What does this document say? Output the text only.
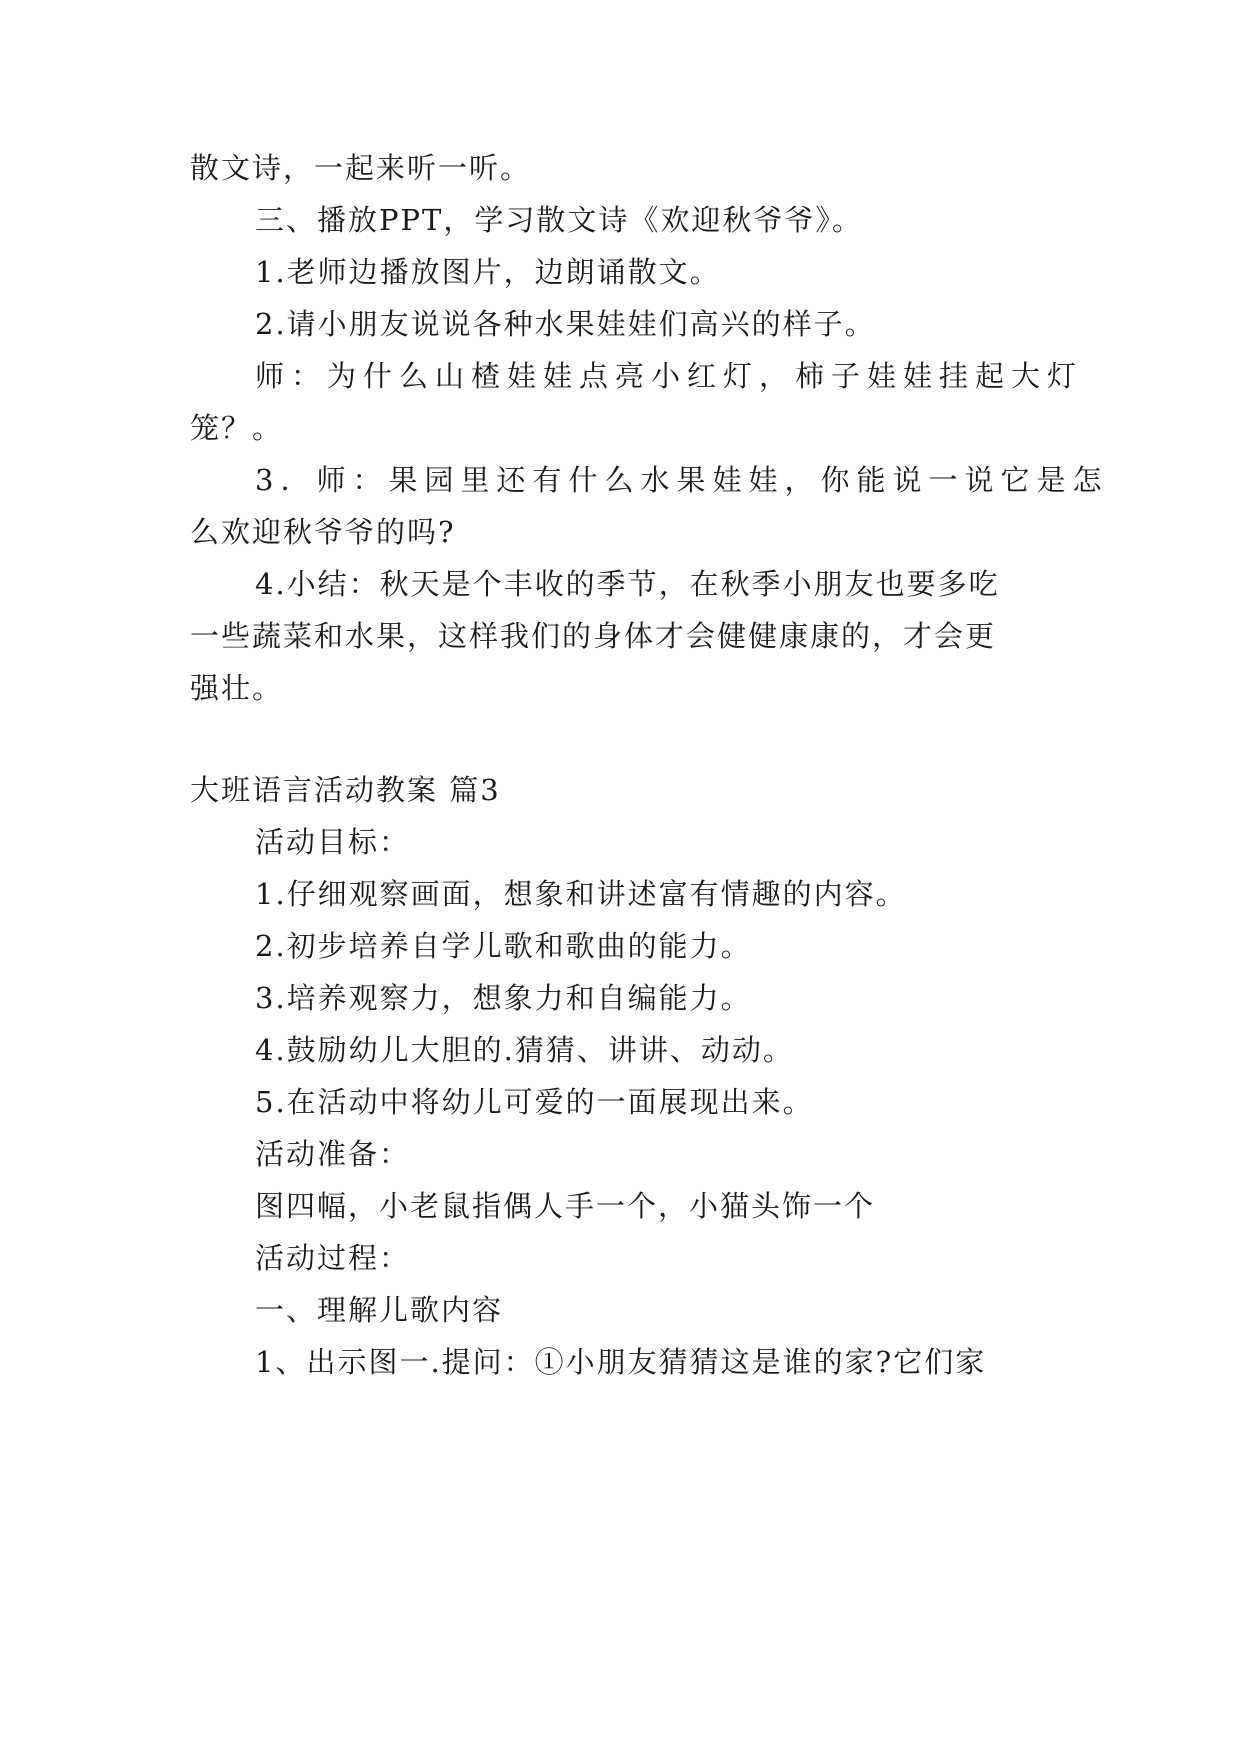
散文诗，一起来听一听。
三、播放PPT，学习散文诗《欢迎秋爷爷》。
1.老师边播放图片，边朗诵散文。
2.请小朋友说说各种水果娃娃们高兴的样子。
师：为什么山楂娃娃点亮小红灯，柿子娃娃挂起大灯
笼？。
3．师：果园里还有什么水果娃娃，你能说一说它是怎
么欢迎秋爷爷的吗?
4.小结：秋天是个丰收的季节，在秋季小朋友也要多吃
一些蔬菜和水果，这样我们的身体才会健健康康的，才会更
强壮。
大班语言活动教案 篇3
活动目标：
1.仔细观察画面，想象和讲述富有情趣的内容。
2.初步培养自学儿歌和歌曲的能力。
3.培养观察力，想象力和自编能力。
4.鼓励幼儿大胆的.猜猜、讲讲、动动。
5.在活动中将幼儿可爱的一面展现出来。
活动准备：
图四幅，小老鼠指偶人手一个，小猫头饰一个
活动过程：
一、理解儿歌内容
1、出示图一.提问：①小朋友猜猜这是谁的家?它们家
